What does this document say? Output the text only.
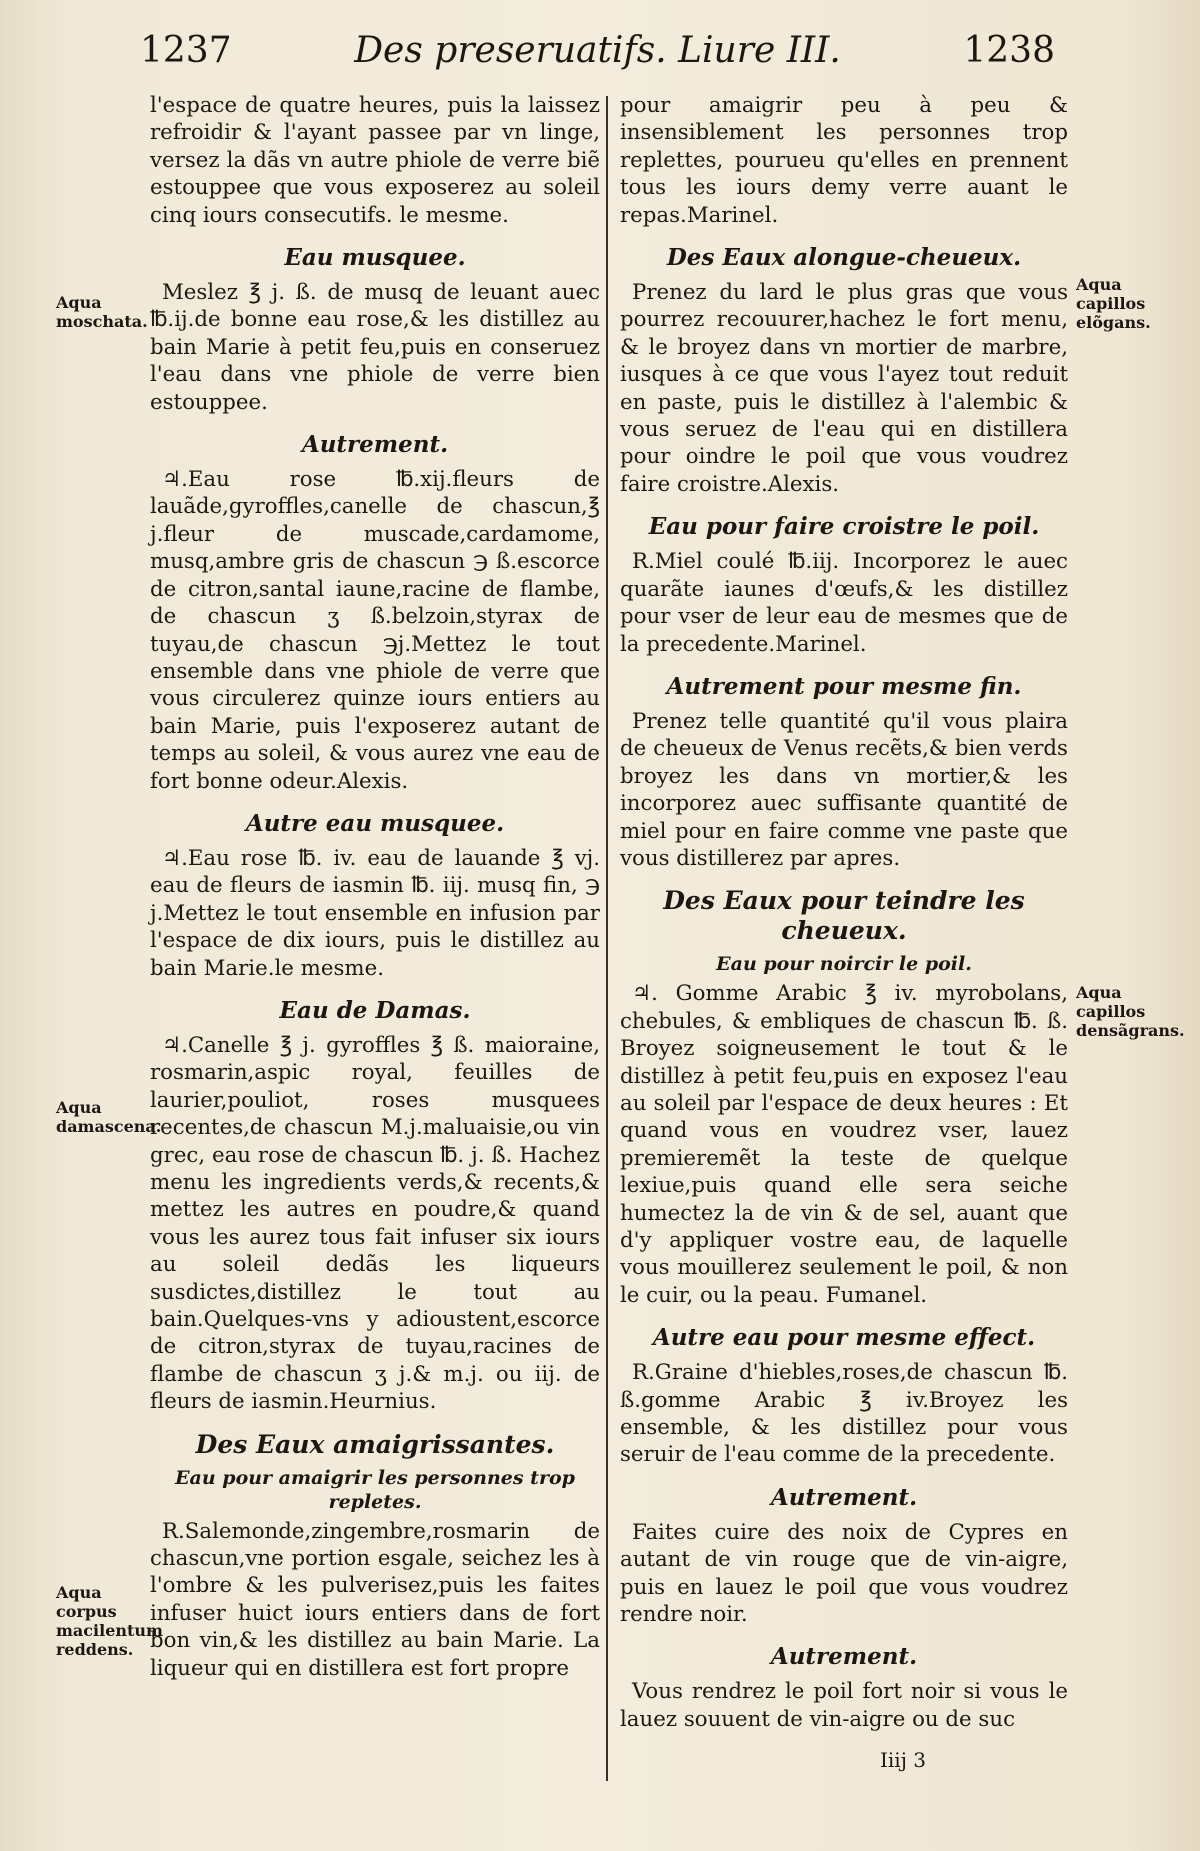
1237	Des preseruatifs. Liure III.	1238

l'espace de quatre heures, puis la laissez refroidir & l'ayant passee par vn linge, versez la dãs vn autre phiole de verre biẽ estouppee que vous exposerez au soleil cinq iours consecutifs. le mesme.

Eau musquee.

Meslez ℥ j. ß. de musq de leuant auec ℔.ij.de bonne eau rose,& les distillez au bain Marie à petit feu,puis en conseruez l'eau dans vne phiole de verre bien estouppee.

Autrement.

♃.Eau rose ℔.xij.fleurs de lauãde,gyroffles,canelle de chascun,℥ j.fleur de muscade,cardamome, musq,ambre gris de chascun ℈ ß.escorce de citron,santal iaune,racine de flambe, de chascun ʒ ß.belzoin,styrax de tuyau,de chascun ℈j.Mettez le tout ensemble dans vne phiole de verre que vous circulerez quinze iours entiers au bain Marie, puis l'exposerez autant de temps au soleil, & vous aurez vne eau de fort bonne odeur.Alexis.

Autre eau musquee.

♃.Eau rose ℔. iv. eau de lauande ℥ vj. eau de fleurs de iasmin ℔. iij. musq fin, ℈ j.Mettez le tout ensemble en infusion par l'espace de dix iours, puis le distillez au bain Marie.le mesme.

Eau de Damas.

♃.Canelle ℥ j. gyroffles ℥ ß. maioraine, rosmarin,aspic royal, feuilles de laurier,pouliot, roses musquees recentes,de chascun M.j.maluaisie,ou vin grec, eau rose de chascun ℔. j. ß. Hachez menu les ingredients verds,& recents,& mettez les autres en poudre,& quand vous les aurez tous fait infuser six iours au soleil dedãs les liqueurs susdictes,distillez le tout au bain.Quelques-vns y adioustent,escorce de citron,styrax de tuyau,racines de flambe de chascun ʒ j.& m.j. ou iij. de fleurs de iasmin.Heurnius.

Des Eaux amaigrissantes.
Eau pour amaigrir les personnes trop repletes.

R.Salemonde,zingembre,rosmarin de chascun,vne portion esgale, seichez les à l'ombre & les pulverisez,puis les faites infuser huict iours entiers dans de fort bon vin,& les distillez au bain Marie. La liqueur qui en distillera est fort propre

pour amaigrir peu à peu & insensiblement les personnes trop replettes, pourueu qu'elles en prennent tous les iours demy verre auant le repas.Marinel.

Des Eaux alongue-cheueux.

Prenez du lard le plus gras que vous pourrez recouurer,hachez le fort menu, & le broyez dans vn mortier de marbre, iusques à ce que vous l'ayez tout reduit en paste, puis le distillez à l'alembic & vous seruez de l'eau qui en distillera pour oindre le poil que vous voudrez faire croistre.Alexis.

Eau pour faire croistre le poil.

R.Miel coulé ℔.iij. Incorporez le auec quarãte iaunes d'œufs,& les distillez pour vser de leur eau de mesmes que de la precedente.Marinel.

Autrement pour mesme fin.

Prenez telle quantité qu'il vous plaira de cheueux de Venus recẽts,& bien verds broyez les dans vn mortier,& les incorporez auec suffisante quantité de miel pour en faire comme vne paste que vous distillerez par apres.

Des Eaux pour teindre les cheueux.
Eau pour noircir le poil.

♃. Gomme Arabic ℥ iv. myrobolans, chebules, & embliques de chascun ℔. ß. Broyez soigneusement le tout & le distillez à petit feu,puis en exposez l'eau au soleil par l'espace de deux heures : Et quand vous en voudrez vser, lauez premieremẽt la teste de quelque lexiue,puis quand elle sera seiche humectez la de vin & de sel, auant que d'y appliquer vostre eau, de laquelle vous mouillerez seulement le poil, & non le cuir, ou la peau. Fumanel.

Autre eau pour mesme effect.

R.Graine d'hiebles,roses,de chascun ℔. ß.gomme Arabic ℥ iv.Broyez les ensemble, & les distillez pour vous seruir de l'eau comme de la precedente.

Autrement.

Faites cuire des noix de Cypres en autant de vin rouge que de vin-aigre, puis en lauez le poil que vous voudrez rendre noir.

Autrement.

Vous rendrez le poil fort noir si vous le lauez souuent de vin-aigre ou de suc

Aqua moschata.
Aqua damascena.
Aqua corpus macilentum reddens.
Aqua capillos elõgans.
Aqua capillos densãgrans.
Iiij 3
